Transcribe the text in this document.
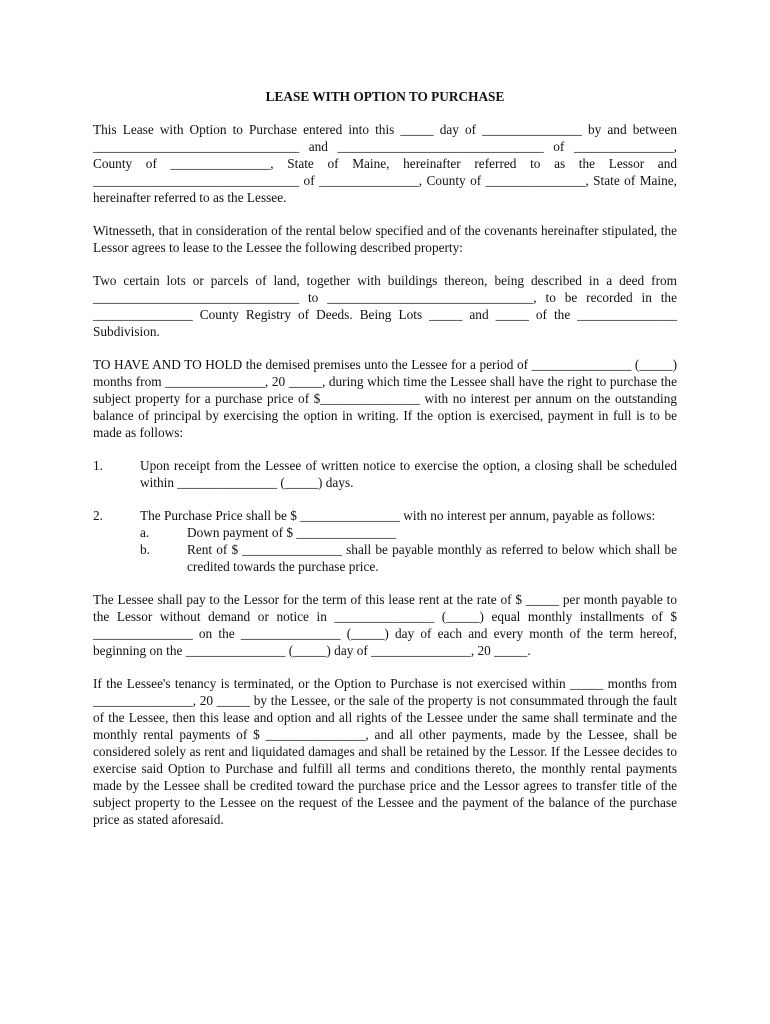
LEASE WITH OPTION TO PURCHASE

This Lease with Option to Purchase entered into this _____ day of _______________ by and between _______________________________ and _______________________________ of _______________, County of _______________, State of Maine, hereinafter referred to as the Lessor and _______________________________ of _______________, County of _______________, State of Maine, hereinafter referred to as the Lessee.

Witnesseth, that in consideration of the rental below specified and of the covenants hereinafter stipulated, the Lessor agrees to lease to the Lessee the following described property:

Two certain lots or parcels of land, together with buildings thereon, being described in a deed from _______________________________ to _______________________________, to be recorded in the _______________ County Registry of Deeds. Being Lots _____ and _____ of the _______________ Subdivision.

TO HAVE AND TO HOLD the demised premises unto the Lessee for a period of _______________ (_____) months from _______________, 20 _____, during which time the Lessee shall have the right to purchase the subject property for a purchase price of $_______________ with no interest per annum on the outstanding balance of principal by exercising the option in writing. If the option is exercised, payment in full is to be made as follows:

1.	Upon receipt from the Lessee of written notice to exercise the option, a closing shall be scheduled within _______________ (_____) days.
2.	The Purchase Price shall be $ _______________ with no interest per annum, payable as follows:
a.	Down payment of $ _______________
b.	Rent of $ _______________ shall be payable monthly as referred to below which shall be credited towards the purchase price.

The Lessee shall pay to the Lessor for the term of this lease rent at the rate of $ _____ per month payable to the Lessor without demand or notice in _______________ (_____) equal monthly installments of $ _______________ on the _______________ (_____) day of each and every month of the term hereof, beginning on the _______________ (_____) day of _______________, 20 _____.

If the Lessee's tenancy is terminated, or the Option to Purchase is not exercised within _____ months from _______________, 20 _____ by the Lessee, or the sale of the property is not consummated through the fault of the Lessee, then this lease and option and all rights of the Lessee under the same shall terminate and the monthly rental payments of $ _______________, and all other payments, made by the Lessee, shall be considered solely as rent and liquidated damages and shall be retained by the Lessor. If the Lessee decides to exercise said Option to Purchase and fulfill all terms and conditions thereto, the monthly rental payments made by the Lessee shall be credited toward the purchase price and the Lessor agrees to transfer title of the subject property to the Lessee on the request of the Lessee and the payment of the balance of the purchase price as stated aforesaid.
